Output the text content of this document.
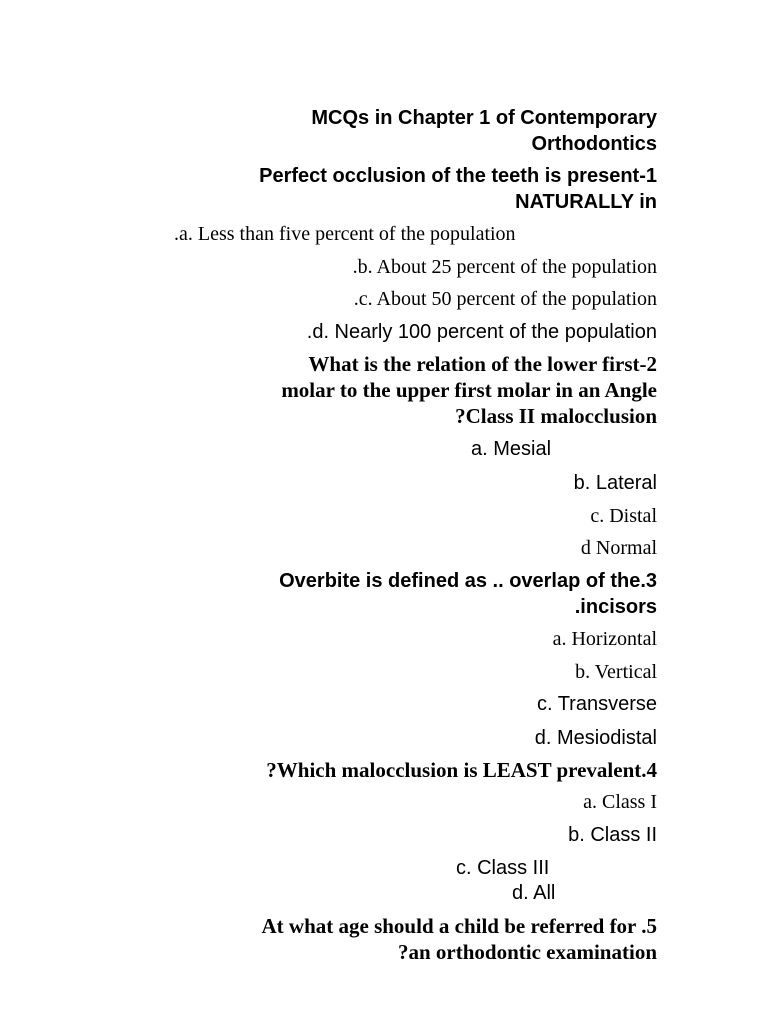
MCQs in Chapter 1 of Contemporary
Orthodontics
Perfect occlusion of the teeth is present-1
NATURALLY in
.a. Less than five percent of the population
.b. About 25 percent of the population
.c. About 50 percent of the population
.d. Nearly 100 percent of the population
What is the relation of the lower first-2
molar to the upper first molar in an Angle
?Class II malocclusion
a. Mesial
b. Lateral
c. Distal
d Normal
Overbite is defined as .. overlap of the.3
.incisors
a. Horizontal
b. Vertical
c. Transverse
d. Mesiodistal
?Which malocclusion is LEAST prevalent.4
a. Class I
b. Class II
c. Class III
d. All
At what age should a child be referred for .5
?an orthodontic examination
